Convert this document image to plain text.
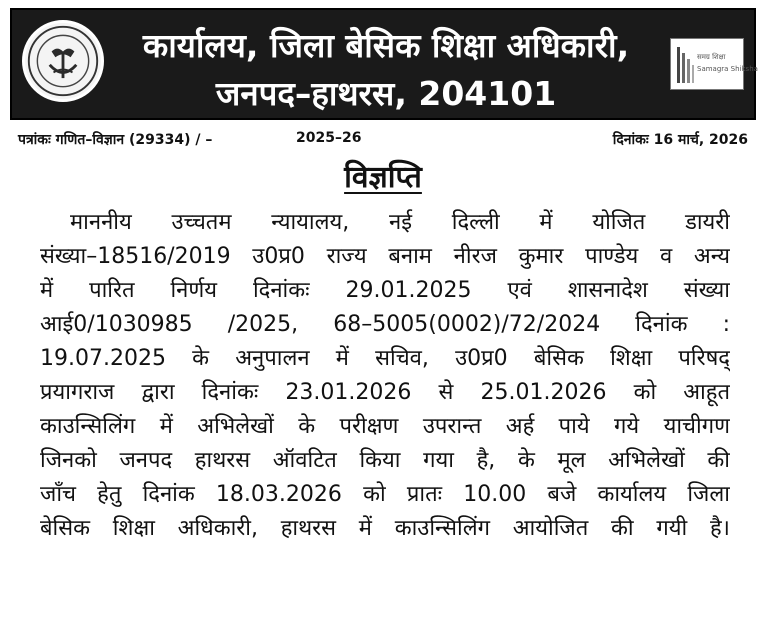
कार्यालय, जिला बेसिक शिक्षा अधिकारी,
जनपद–हाथरस, 204101
समग्र शिक्षा
Samagra Shiksha
पत्रांकः गणित–विज्ञान (29334) / –	2025–26	दिनांकः 16 मार्च, 2026
विज्ञप्ति
माननीय उच्चतम न्यायालय, नई दिल्ली में योजित डायरी
संख्या–18516/2019 उ0प्र0 राज्य बनाम नीरज कुमार पाण्डेय व अन्य
में पारित निर्णय दिनांकः 29.01.2025 एवं शासनादेश संख्या
आई0/1030985 /2025, 68–5005(0002)/72/2024 दिनांक :
19.07.2025 के अनुपालन में सचिव, उ0प्र0 बेसिक शिक्षा परिषद्
प्रयागराज द्वारा दिनांकः 23.01.2026 से 25.01.2026 को आहूत
काउन्सिलिंग में अभिलेखों के परीक्षण उपरान्त अर्ह पाये गये याचीगण
जिनको जनपद हाथरस ऑवटित किया गया है, के मूल अभिलेखों की
जाँच हेतु दिनांक 18.03.2026 को प्रातः 10.00 बजे कार्यालय जिला
बेसिक शिक्षा अधिकारी, हाथरस में काउन्सिलिंग आयोजित की गयी है।
